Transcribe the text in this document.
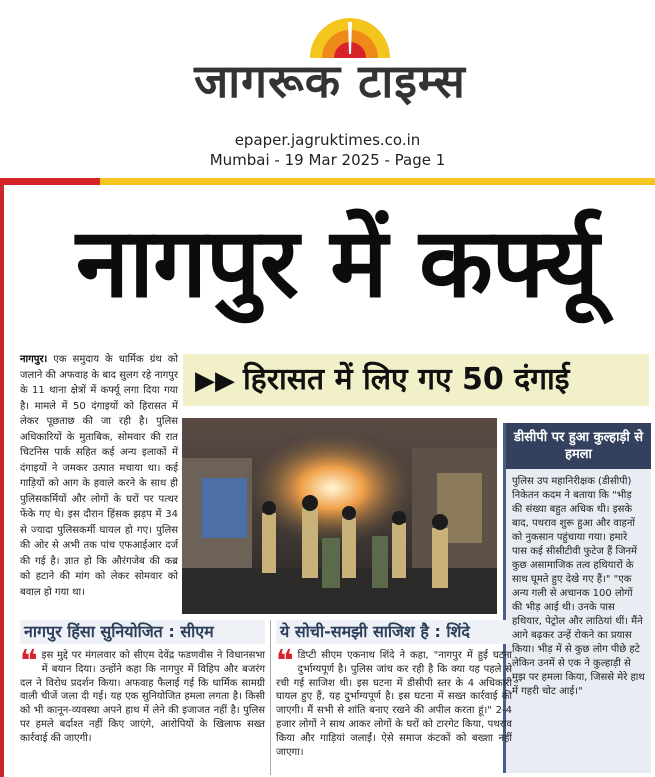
जागरूक टाइम्स
epaper.jagruktimes.co.in
Mumbai - 19 Mar 2025 - Page 1
नागपुर में कर्फ्यू
▶▶ हिरासत में लिए गए 50 दंगाई
नागपुर। एक समुदाय के धार्मिक ग्रंथ को जलाने की अफवाह के बाद सुलग रहे नागपुर के 11 थाना क्षेत्रों में कर्फ्यू लगा दिया गया है। मामले में 50 दंगाइयों को हिरासत में लेकर पूछताछ की जा रही है। पुलिस अधिकारियों के मुताबिक, सोमवार की रात चिटनिस पार्क सहित कई अन्य इलाकों में दंगाइयों ने जमकर उत्पात मचाया था। कई गाड़ियों को आग के हवाले करने के साथ ही पुलिसकर्मियों और लोगों के घरों पर पत्थर फेंके गए थे। इस दौरान हिंसक झड़प में 34 से ज्यादा पुलिसकर्मी घायल हो गए। पुलिस की ओर से अभी तक पांच एफआईआर दर्ज की गई है। ज्ञात हो कि औरंगजेब की कब्र को हटाने की मांग को लेकर सोमवार को बवाल हो गया था।
डीसीपी पर हुआ कुल्हाड़ी से हमला
पुलिस उप महानिरीक्षक (डीसीपी) निकेतन कदम ने बताया कि "भीड़ की संख्या बहुत अधिक थी। इसके बाद, पथराव शुरू हुआ और वाहनों को नुकसान पहुंचाया गया। हमारे पास कई सीसीटीवी फुटेज हैं जिनमें कुछ असामाजिक तत्व हथियारों के साथ घूमते हुए देखे गए हैं।" "एक अन्य गली से अचानक 100 लोगों की भीड़ आई थी। उनके पास हथियार, पेट्रोल और लाठियां थीं। मैंने आगे बढ़कर उन्हें रोकने का प्रयास किया। भीड़ में से कुछ लोग पीछे हटे लेकिन उनमें से एक ने कुल्हाड़ी से मुझ पर हमला किया, जिससे मेरे हाथ में गहरी चोट आई।"
नागपुर हिंसा सुनियोजित : सीएम
❝ इस मुद्दे पर मंगलवार को सीएम देवेंद्र फडणवीस ने विधानसभा में बयान दिया। उन्होंने कहा कि नागपुर में विहिप और बजरंग दल ने विरोध प्रदर्शन किया। अफवाह फैलाई गई कि धार्मिक सामग्री वाली चीजें जला दी गई। यह एक सुनियोजित हमला लगता है। किसी को भी कानून-व्यवस्था अपने हाथ में लेने की इजाजत नहीं है। पुलिस पर हमले बर्दाश्त नहीं किए जाएंगे, आरोपियों के खिलाफ सख्त कार्रवाई की जाएगी।
ये सोची-समझी साजिश है : शिंदे
❝ डिप्टी सीएम एकनाथ शिंदे ने कहा, "नागपुर में हुई घटना दुर्भाग्यपूर्ण है। पुलिस जांच कर रही है कि क्या यह पहले से रची गई साजिश थी। इस घटना में डीसीपी स्तर के 4 अधिकारी घायल हुए हैं, यह दुर्भाग्यपूर्ण है। इस घटना में सख्त कार्रवाई की जाएगी। मैं सभी से शांति बनाए रखने की अपील करता हूं।" 2-4 हजार लोगों ने साथ आकर लोगों के घरों को टारगेट किया, पथराव किया और गाड़ियां जलाईं। ऐसे समाज कंटकों को बख्शा नहीं जाएगा।
